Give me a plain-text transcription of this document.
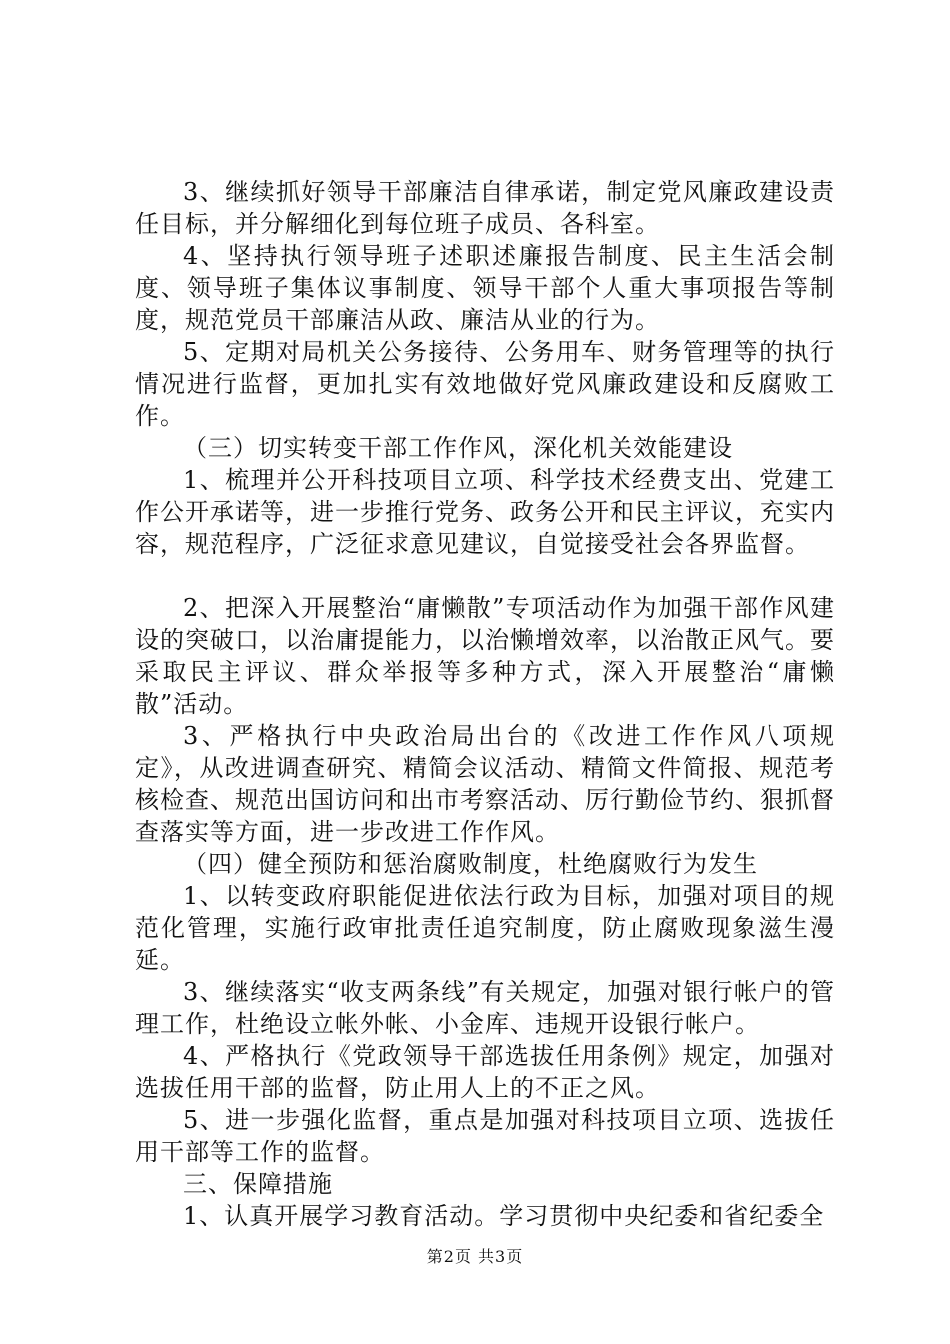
3、继续抓好领导干部廉洁自律承诺，制定党风廉政建设责任目标，并分解细化到每位班子成员、各科室。

4、坚持执行领导班子述职述廉报告制度、民主生活会制度、领导班子集体议事制度、领导干部个人重大事项报告等制度，规范党员干部廉洁从政、廉洁从业的行为。

5、定期对局机关公务接待、公务用车、财务管理等的执行情况进行监督，更加扎实有效地做好党风廉政建设和反腐败工作。

（三）切实转变干部工作作风，深化机关效能建设

1、梳理并公开科技项目立项、科学技术经费支出、党建工作公开承诺等，进一步推行党务、政务公开和民主评议，充实内容，规范程序，广泛征求意见建议，自觉接受社会各界监督。

2、把深入开展整治“庸懒散”专项活动作为加强干部作风建设的突破口，以治庸提能力，以治懒增效率，以治散正风气。要采取民主评议、群众举报等多种方式，深入开展整治“庸懒散”活动。

3、严格执行中央政治局出台的《改进工作作风八项规定》，从改进调查研究、精简会议活动、精简文件简报、规范考核检查、规范出国访问和出市考察活动、厉行勤俭节约、狠抓督查落实等方面，进一步改进工作作风。

（四）健全预防和惩治腐败制度，杜绝腐败行为发生

1、以转变政府职能促进依法行政为目标，加强对项目的规范化管理，实施行政审批责任追究制度，防止腐败现象滋生漫延。

3、继续落实“收支两条线”有关规定，加强对银行帐户的管理工作，杜绝设立帐外帐、小金库、违规开设银行帐户。

4、严格执行《党政领导干部选拔任用条例》规定，加强对选拔任用干部的监督，防止用人上的不正之风。

5、进一步强化监督，重点是加强对科技项目立项、选拔任用干部等工作的监督。

三、保障措施

1、认真开展学习教育活动。学习贯彻中央纪委和省纪委全

第2页 共3页
